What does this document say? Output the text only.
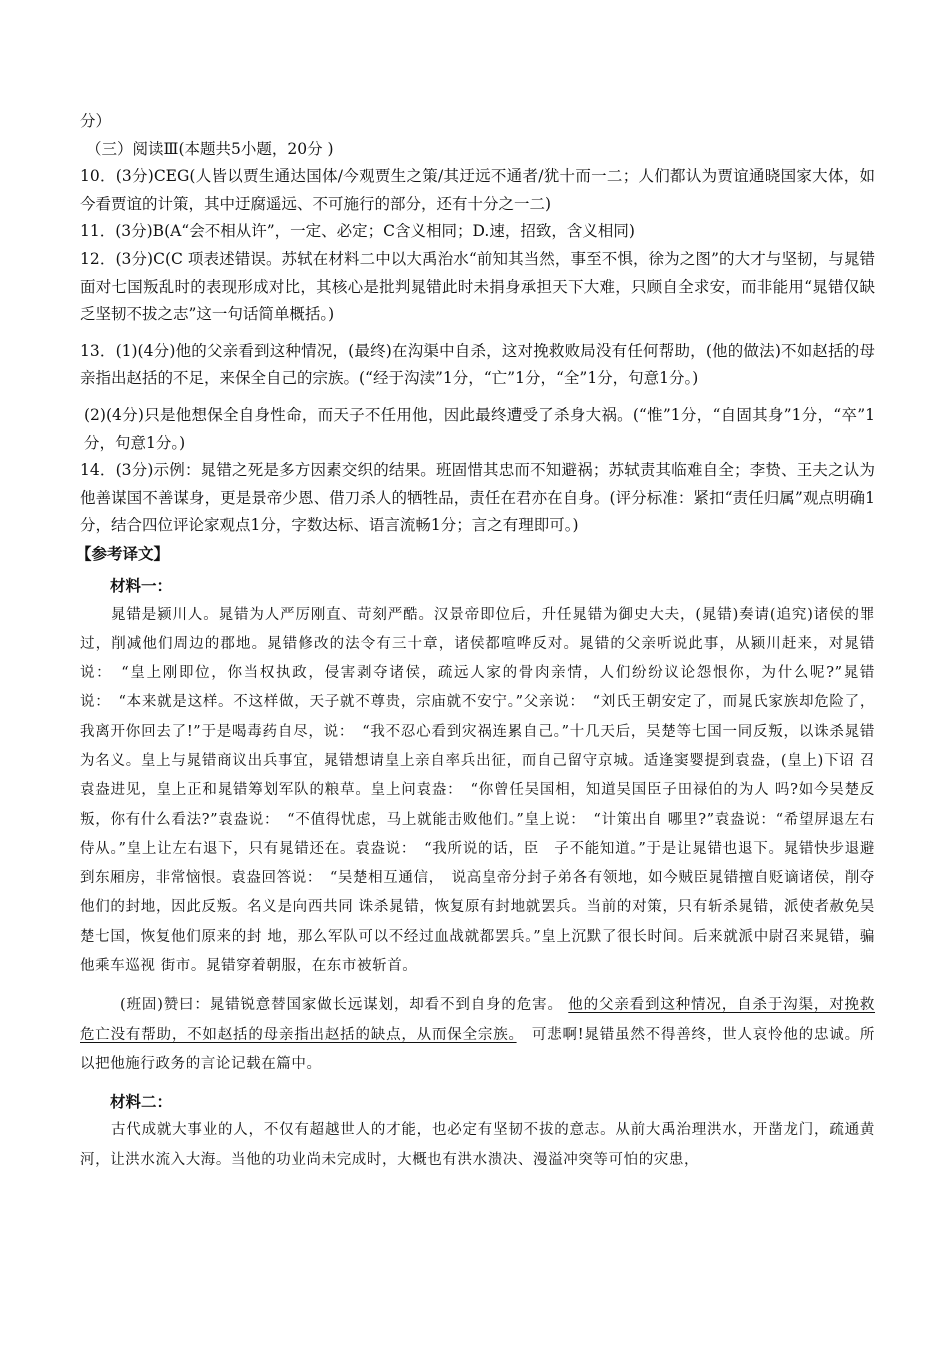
分）

（三）阅读Ⅲ(本题共5小题，20分 )

10．(3分)CEG(人皆以贾生通达国体/今观贾生之策/其迂远不通者/犹十而一二；人们都认为贾谊通晓国家大体，如今看贾谊的计策，其中迂腐遥远、不可施行的部分，还有十分之一二)

11．(3分)B(A“会不相从许”，一定、必定；C含义相同；D.速，招致，含义相同)

12．(3分)C(C 项表述错误。苏轼在材料二中以大禹治水“前知其当然，事至不惧，徐为之图”的大才与坚韧，与晁错面对七国叛乱时的表现形成对比，其核心是批判晁错此时未捐身承担天下大难，只顾自全求安，而非能用“晁错仅缺乏坚韧不拔之志”这一句话简单概括。)

13．(1)(4分)他的父亲看到这种情况，(最终)在沟渠中自杀，这对挽救败局没有任何帮助，(他的做法)不如赵括的母亲指出赵括的不足，来保全自己的宗族。(“经于沟渎”1分，“亡”1分，“全”1分，句意1分。)

(2)(4分)只是他想保全自身性命，而天子不任用他，因此最终遭受了杀身大祸。(“惟”1分，“自固其身”1分，“卒”1分，句意1分。)

14．(3分)示例：晁错之死是多方因素交织的结果。班固惜其忠而不知避祸；苏轼责其临难自全；李贽、王夫之认为他善谋国不善谋身，更是景帝少恩、借刀杀人的牺牲品，责任在君亦在自身。(评分标准：紧扣“责任归属”观点明确1分，结合四位评论家观点1分，字数达标、语言流畅1分；言之有理即可。)

【参考译文】

材料一：

晁错是颍川人。晁错为人严厉刚直、苛刻严酷。汉景帝即位后，升任晁错为御史大夫，(晁错)奏请(追究)诸侯的罪过，削减他们周边的郡地。晁错修改的法令有三十章，诸侯都喧哗反对。晁错的父亲听说此事，从颍川赶来，对晁错说：　“皇上刚即位，你当权执政，侵害剥夺诸侯，疏远人家的骨肉亲情，人们纷纷议论怨恨你，为什么呢?”晁错说：　“本来就是这样。不这样做，天子就不尊贵，宗庙就不安宁。”父亲说：　“刘氏王朝安定了，而晁氏家族却危险了，我离开你回去了!”于是喝毒药自尽，说：　“我不忍心看到灾祸连累自己。”十几天后，吴楚等七国一同反叛，以诛杀晁错为名义。皇上与晁错商议出兵事宜，晁错想请皇上亲自率兵出征，而自己留守京城。适逢窦婴提到袁盎，(皇上)下诏 召袁盎进见，皇上正和晁错筹划军队的粮草。皇上问袁盎：　“你曾任吴国相，知道吴国臣子田禄伯的为人 吗?如今吴楚反叛，你有什么看法?”袁盎说：　“不值得忧虑，马上就能击败他们。”皇上说：　“计策出自 哪里?”袁盎说：“希望屏退左右侍从。”皇上让左右退下，只有晁错还在。袁盎说：　“我所说的话，臣　子不能知道。”于是让晁错也退下。晁错快步退避到东厢房，非常恼恨。袁盎回答说：　“吴楚相互通信，　说高皇帝分封子弟各有领地，如今贼臣晁错擅自贬谪诸侯，削夺他们的封地，因此反叛。名义是向西共同 诛杀晁错，恢复原有封地就罢兵。当前的对策，只有斩杀晁错，派使者赦免吴楚七国，恢复他们原来的封 地，那么军队可以不经过血战就都罢兵。”皇上沉默了很长时间。后来就派中尉召来晁错，骗他乘车巡视 街市。晁错穿着朝服，在东市被斩首。

(班固)赞曰：晁错锐意替国家做长远谋划，却看不到自身的危害。 他的父亲看到这种情况，自杀于沟渠，对挽救危亡没有帮助，不如赵括的母亲指出赵括的缺点，从而保全宗族。　可悲啊!晁错虽然不得善终，世人哀怜他的忠诚。所以把他施行政务的言论记载在篇中。

材料二：

古代成就大事业的人，不仅有超越世人的才能，也必定有坚韧不拔的意志。从前大禹治理洪水，开凿龙门，疏通黄河，让洪水流入大海。当他的功业尚未完成时，大概也有洪水溃决、漫溢冲突等可怕的灾患，
